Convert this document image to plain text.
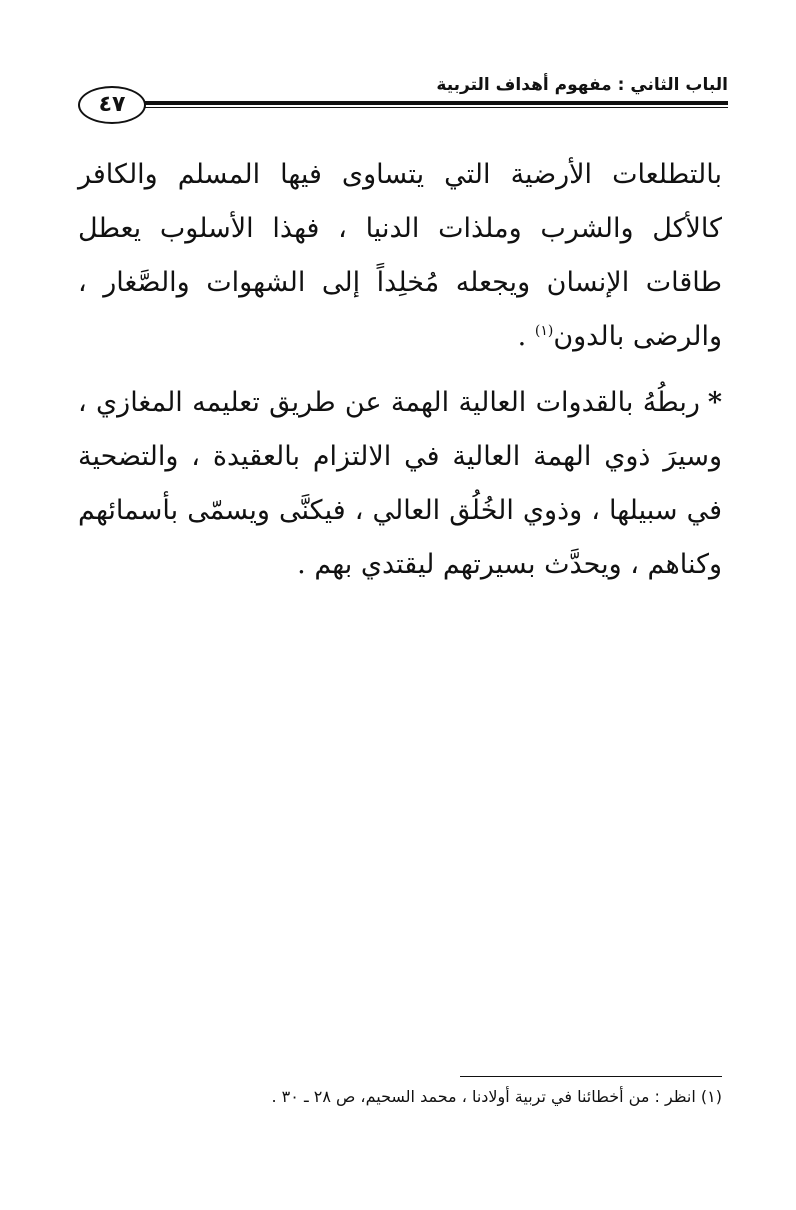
الباب الثاني : مفهوم أهداف التربية
٤٧

بالتطلعات الأرضية التي يتساوى فيها المسلم والكافر كالأكل والشرب وملذات الدنيا ، فهذا الأسلوب يعطل طاقات الإنسان ويجعله مُخلِداً إلى الشهوات والصَّغار ، والرضى بالدون$^{(١)}$ .

*ربطُهُ بالقدوات العالية الهمة عن طريق تعليمه المغازي ، وسيرَ ذوي الهمة العالية في الالتزام بالعقيدة ، والتضحية في سبيلها ، وذوي الخُلُق العالي ، فيكنَّى ويسمّى بأسمائهم وكناهم ، ويحدَّث بسيرتهم ليقتدي بهم .

(١) انظر : من أخطائنا في تربية أولادنا ، محمد السحيم، ص ٢٨ ـ ٣٠ .
